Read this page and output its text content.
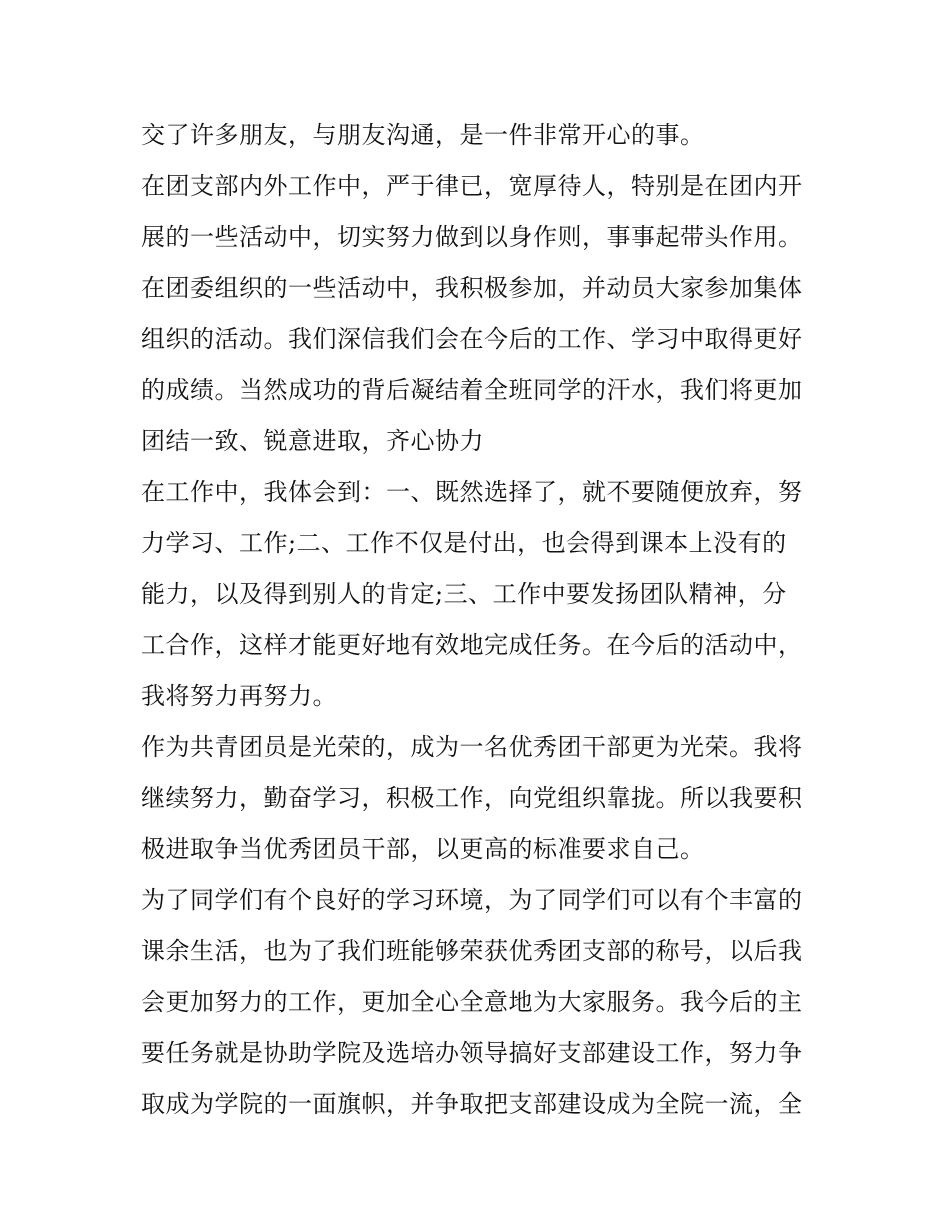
交了许多朋友，与朋友沟通，是一件非常开心的事。
在团支部内外工作中，严于律已，宽厚待人，特别是在团内开
展的一些活动中，切实努力做到以身作则，事事起带头作用。
在团委组织的一些活动中，我积极参加，并动员大家参加集体
组织的活动。我们深信我们会在今后的工作、学习中取得更好
的成绩。当然成功的背后凝结着全班同学的汗水，我们将更加
团结一致、锐意进取，齐心协力
在工作中，我体会到：一、既然选择了，就不要随便放弃，努
力学习、工作;二、工作不仅是付出，也会得到课本上没有的
能力，以及得到别人的肯定;三、工作中要发扬团队精神，分
工合作，这样才能更好地有效地完成任务。在今后的活动中，
我将努力再努力。
作为共青团员是光荣的，成为一名优秀团干部更为光荣。我将
继续努力，勤奋学习，积极工作，向党组织靠拢。所以我要积
极进取争当优秀团员干部，以更高的标准要求自己。
为了同学们有个良好的学习环境，为了同学们可以有个丰富的
课余生活，也为了我们班能够荣获优秀团支部的称号，以后我
会更加努力的工作，更加全心全意地为大家服务。我今后的主
要任务就是协助学院及选培办领导搞好支部建设工作，努力争
取成为学院的一面旗帜，并争取把支部建设成为全院一流，全
